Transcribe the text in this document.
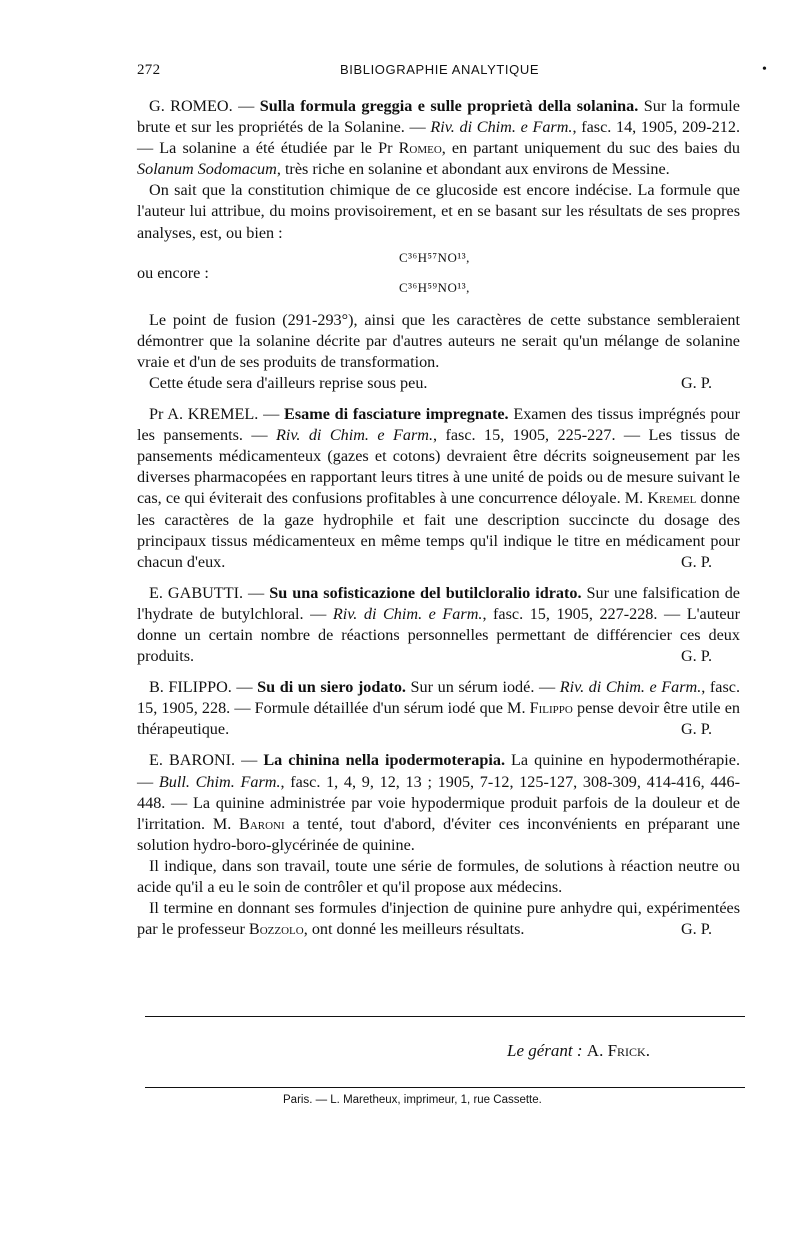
•
272	BIBLIOGRAPHIE ANALYTIQUE

G. ROMEO. — Sulla formula greggia e sulle proprietà della solanina. Sur la formule brute et sur les propriétés de la Solanine. — Riv. di Chim. e Farm., fasc. 14, 1905, 209-212. — La solanine a été étudiée par le Pr Romeo, en partant uniquement du suc des baies du Solanum Sodomacum, très riche en solanine et abondant aux environs de Messine.

On sait que la constitution chimique de ce glucoside est encore indécise. La formule que l'auteur lui attribue, du moins provisoirement, et en se basant sur les résultats de ses propres analyses, est, ou bien :

C³⁶H⁵⁷NO¹³,
ou encore :
C³⁶H⁵⁹NO¹³,

Le point de fusion (291-293°), ainsi que les caractères de cette substance sembleraient démontrer que la solanine décrite par d'autres auteurs ne serait qu'un mélange de solanine vraie et d'un de ses produits de transformation.

Cette étude sera d'ailleurs reprise sous peu.	G. P.

Pr A. KREMEL. — Esame di fasciature impregnate. Examen des tissus imprégnés pour les pansements. — Riv. di Chim. e Farm., fasc. 15, 1905, 225-227. — Les tissus de pansements médicamenteux (gazes et cotons) devraient être décrits soigneusement par les diverses pharmacopées en rapportant leurs titres à une unité de poids ou de mesure suivant le cas, ce qui éviterait des confusions profitables à une concurrence déloyale. M. Kremel donne les caractères de la gaze hydrophile et fait une description succincte du dosage des principaux tissus médicamenteux en même temps qu'il indique le titre en médicament pour chacun d'eux.	G. P.

E. GABUTTI. — Su una sofisticazione del butilcloralio idrato. Sur une falsification de l'hydrate de butylchloral. — Riv. di Chim. e Farm., fasc. 15, 1905, 227-228. — L'auteur donne un certain nombre de réactions personnelles permettant de différencier ces deux produits.	G. P.

B. FILIPPO. — Su di un siero jodato. Sur un sérum iodé. — Riv. di Chim. e Farm., fasc. 15, 1905, 228. — Formule détaillée d'un sérum iodé que M. Filippo pense devoir être utile en thérapeutique.	G. P.

E. BARONI. — La chinina nella ipodermoterapia. La quinine en hypodermothérapie. — Bull. Chim. Farm., fasc. 1, 4, 9, 12, 13 ; 1905, 7-12, 125-127, 308-309, 414-416, 446-448. — La quinine administrée par voie hypodermique produit parfois de la douleur et de l'irritation. M. Baroni a tenté, tout d'abord, d'éviter ces inconvénients en préparant une solution hydro-boro-glycérinée de quinine.

Il indique, dans son travail, toute une série de formules, de solutions à réaction neutre ou acide qu'il a eu le soin de contrôler et qu'il propose aux médecins.

Il termine en donnant ses formules d'injection de quinine pure anhydre qui, expérimentées par le professeur Bozzolo, ont donné les meilleurs résultats.	G. P.

Le gérant : A. Frick.
Paris. — L. Maretheux, imprimeur, 1, rue Cassette.
